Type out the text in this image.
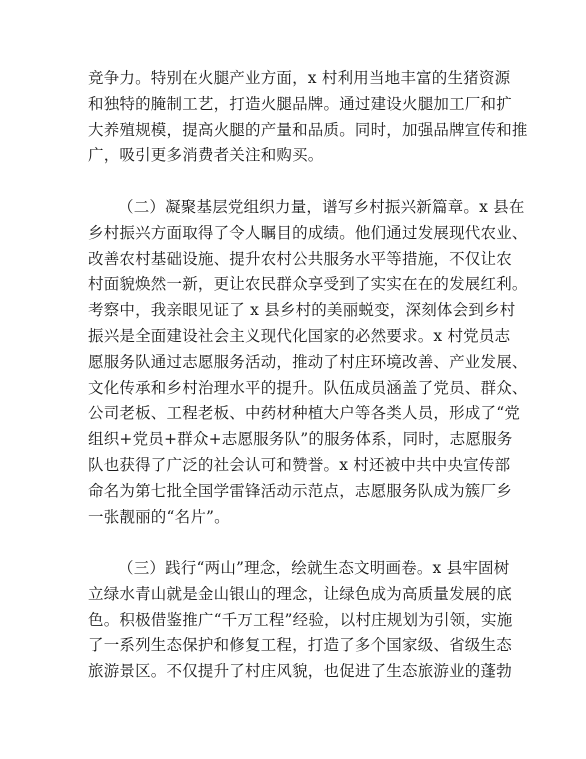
竞争力。特别在火腿产业方面，x 村利用当地丰富的生猪资源
和独特的腌制工艺，打造火腿品牌。通过建设火腿加工厂和扩
大养殖规模，提高火腿的产量和品质。同时，加强品牌宣传和推
广，吸引更多消费者关注和购买。
（二）凝聚基层党组织力量，谱写乡村振兴新篇章。x 县在
乡村振兴方面取得了令人瞩目的成绩。他们通过发展现代农业、
改善农村基础设施、提升农村公共服务水平等措施，不仅让农
村面貌焕然一新，更让农民群众享受到了实实在在的发展红利。
考察中，我亲眼见证了 x 县乡村的美丽蜕变，深刻体会到乡村
振兴是全面建设社会主义现代化国家的必然要求。x 村党员志
愿服务队通过志愿服务活动，推动了村庄环境改善、产业发展、
文化传承和乡村治理水平的提升。队伍成员涵盖了党员、群众、
公司老板、工程老板、中药材种植大户等各类人员，形成了“党
组织+党员+群众+志愿服务队”的服务体系，同时，志愿服务
队也获得了广泛的社会认可和赞誉。x 村还被中共中央宣传部
命名为第七批全国学雷锋活动示范点，志愿服务队成为簇厂乡
一张靓丽的“名片”。
（三）践行“两山”理念，绘就生态文明画卷。x 县牢固树
立绿水青山就是金山银山的理念，让绿色成为高质量发展的底
色。积极借鉴推广“千万工程”经验，以村庄规划为引领，实施
了一系列生态保护和修复工程，打造了多个国家级、省级生态
旅游景区。不仅提升了村庄风貌，也促进了生态旅游业的蓬勃
